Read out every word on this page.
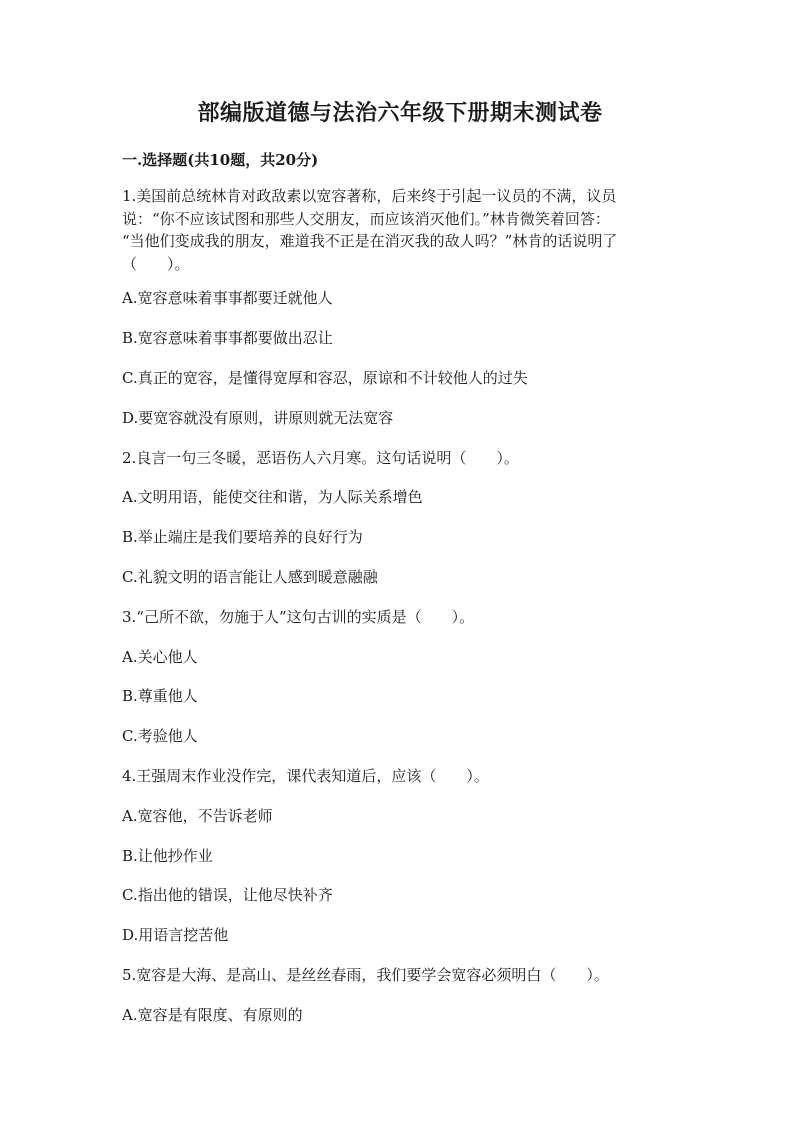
部编版道德与法治六年级下册期末测试卷
一.选择题(共10题，共20分)
1.美国前总统林肯对政敌素以宽容著称，后来终于引起一议员的不满，议员
说：“你不应该试图和那些人交朋友，而应该消灭他们。”林肯微笑着回答：
“当他们变成我的朋友，难道我不正是在消灭我的敌人吗？”林肯的话说明了
（　　）。
A.宽容意味着事事都要迁就他人
B.宽容意味着事事都要做出忍让
C.真正的宽容，是懂得宽厚和容忍，原谅和不计较他人的过失
D.要宽容就没有原则，讲原则就无法宽容
2.良言一句三冬暖，恶语伤人六月寒。这句话说明（　　）。
A.文明用语，能使交往和谐，为人际关系增色
B.举止端庄是我们要培养的良好行为
C.礼貌文明的语言能让人感到暖意融融
3.“己所不欲，勿施于人”这句古训的实质是（　　）。
A.关心他人
B.尊重他人
C.考验他人
4.王强周末作业没作完，课代表知道后，应该（　　）。
A.宽容他，不告诉老师
B.让他抄作业
C.指出他的错误，让他尽快补齐
D.用语言挖苦他
5.宽容是大海、是高山、是丝丝春雨，我们要学会宽容必须明白（　　）。
A.宽容是有限度、有原则的
